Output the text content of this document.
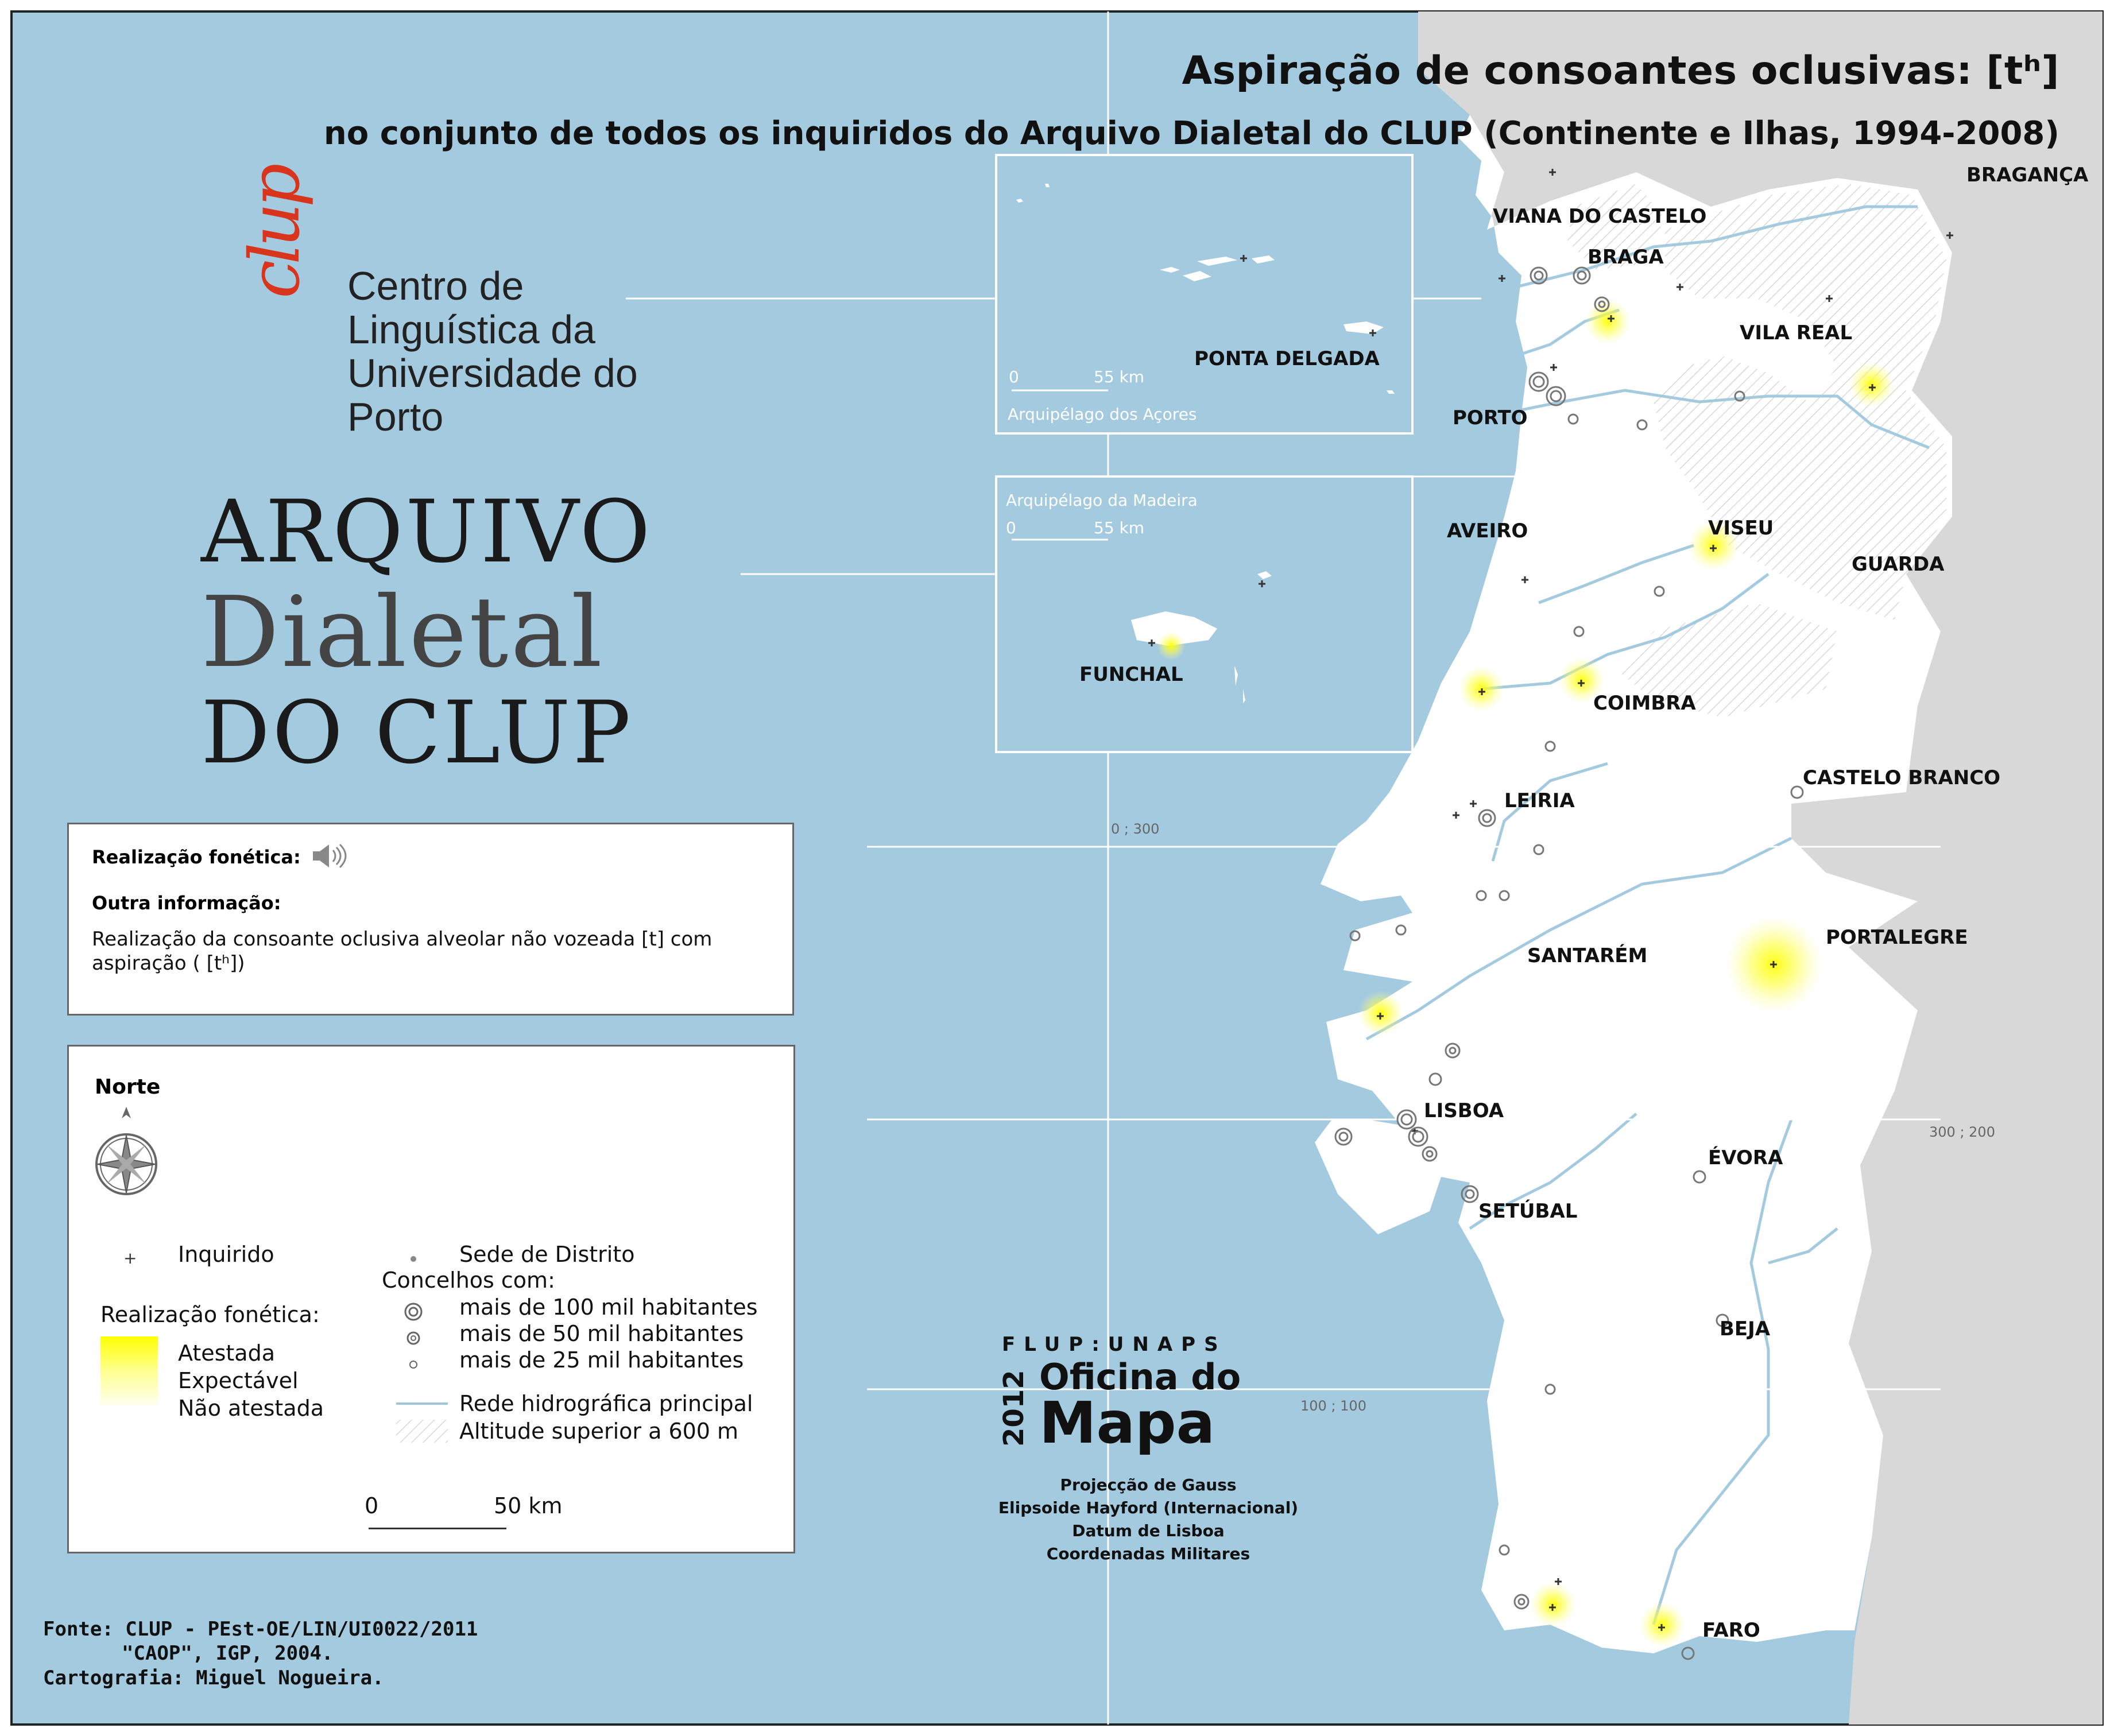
Aspiração de consoantes oclusivas: [tʰ]
no conjunto de todos os inquiridos do Arquivo Dialetal do CLUP (Continente e Ilhas, 1994-2008)
clup Centro de
Linguística da
Universidade do
Porto
ARQUIVO
Dialetal
DO CLUP
BRAGANÇA
VIANA DO CASTELO
BRAGA
VILA REAL
PORTO
AVEIRO	VISEU
GUARDA
COIMBRA
CASTELO BRANCO
LEIRIA
PORTALEGRE
SANTARÉM
LISBOA
ÉVORA
SETÚBAL
BEJA
FARO
Arquipélago dos Açores
0	55 km
PONTA DELGADA
Arquipélago da Madeira
0	55 km
FUNCHAL
0 ; 300
300 ; 200
100 ; 100
Realização fonética:
Outra informação:
Realização da consoante oclusiva alveolar não vozeada [t] com
aspiração ( [tʰ])
Norte
+ Inquirido
Realização fonética:
Atestada
Expectável
Não atestada
Sede de Distrito
Concelhos com:
mais de 100 mil habitantes
mais de 50 mil habitantes
mais de 25 mil habitantes
Rede hidrográfica principal
Altitude superior a 600 m
0	50 km
FLUP:UNAPS
2012 Oficina do
Mapa
Projecção de Gauss
Elipsoide Hayford (Internacional)
Datum de Lisboa
Coordenadas Militares
Fonte: CLUP - PEst-OE/LIN/UI0022/2011
"CAOP", IGP, 2004.
Cartografia: Miguel Nogueira.
